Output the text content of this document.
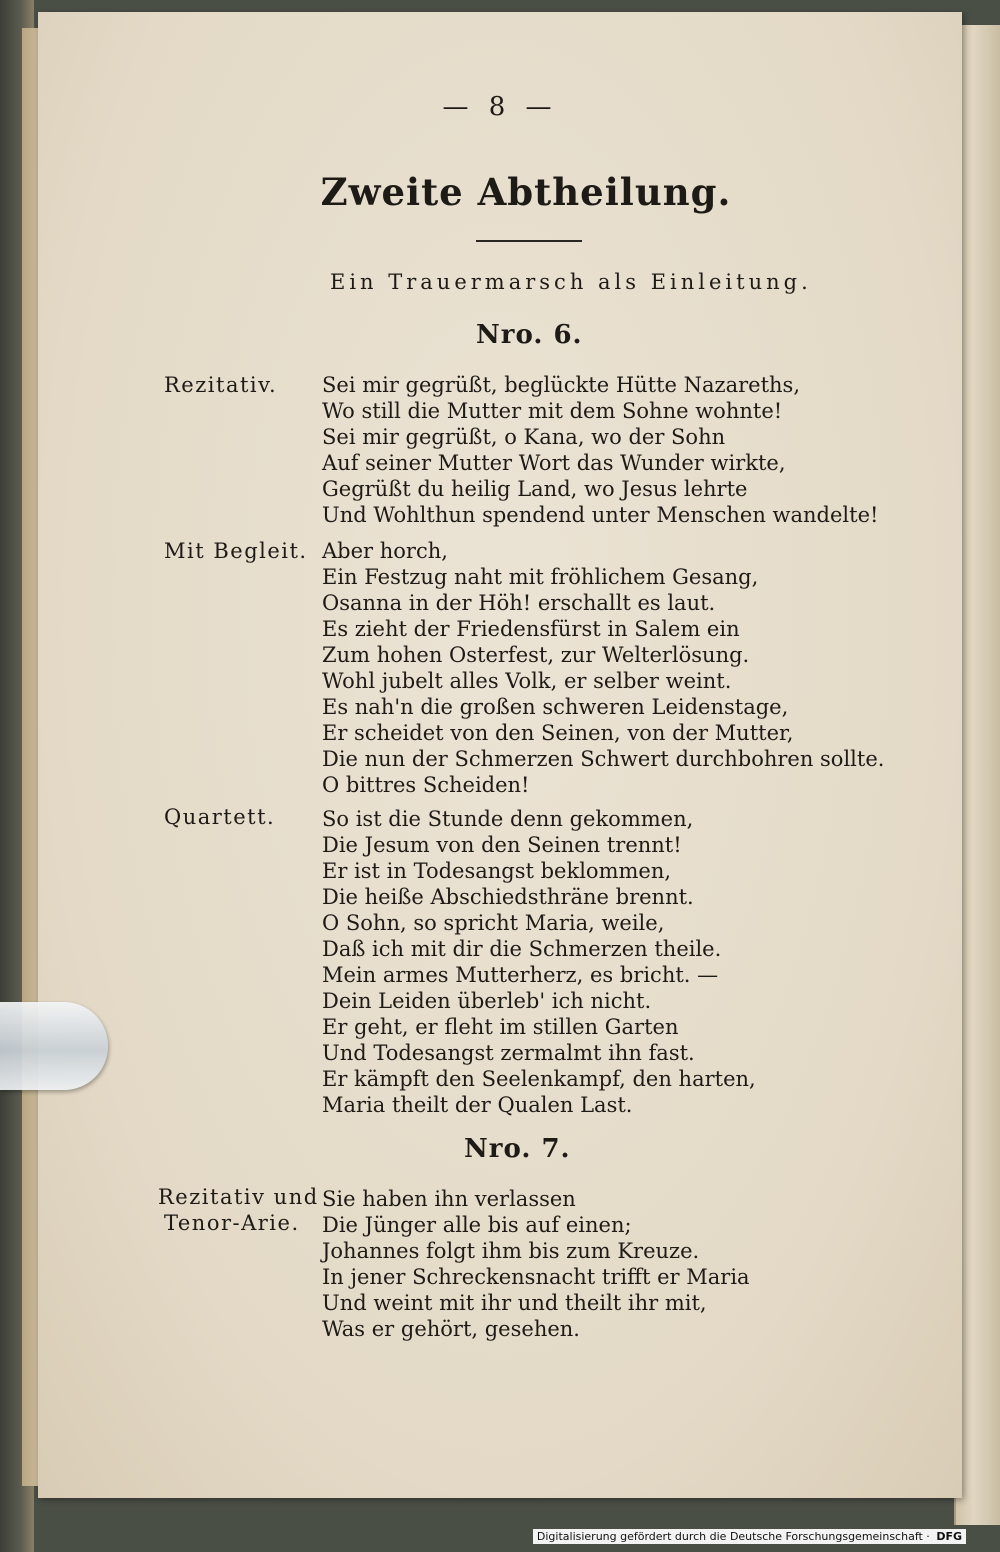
— 8 —
Zweite Abtheilung.
Ein Trauermarsch als Einleitung.
Nro. 6.
Rezitativ. Sei mir gegrüßt, beglückte Hütte Nazareths,
Wo still die Mutter mit dem Sohne wohnte!
Sei mir gegrüßt, o Kana, wo der Sohn
Auf seiner Mutter Wort das Wunder wirkte,
Gegrüßt du heilig Land, wo Jesus lehrte
Und Wohlthun spendend unter Menschen wandelte!
Mit Begleit. Aber horch,
Ein Festzug naht mit fröhlichem Gesang,
Osanna in der Höh! erschallt es laut.
Es zieht der Friedensfürst in Salem ein
Zum hohen Osterfest, zur Welterlösung.
Wohl jubelt alles Volk, er selber weint.
Es nah'n die großen schweren Leidenstage,
Er scheidet von den Seinen, von der Mutter,
Die nun der Schmerzen Schwert durchbohren sollte.
O bittres Scheiden!
Quartett. So ist die Stunde denn gekommen,
Die Jesum von den Seinen trennt!
Er ist in Todesangst beklommen,
Die heiße Abschiedsthräne brennt.
O Sohn, so spricht Maria, weile,
Daß ich mit dir die Schmerzen theile.
Mein armes Mutterherz, es bricht. —
Dein Leiden überleb' ich nicht.
Er geht, er fleht im stillen Garten
Und Todesangst zermalmt ihn fast.
Er kämpft den Seelenkampf, den harten,
Maria theilt der Qualen Last.
Nro. 7.
Rezitativ und
Tenor-Arie.
Sie haben ihn verlassen
Die Jünger alle bis auf einen;
Johannes folgt ihm bis zum Kreuze.
In jener Schreckensnacht trifft er Maria
Und weint mit ihr und theilt ihr mit,
Was er gehört, gesehen.
Digitalisierung gefördert durch die Deutsche Forschungsgemeinschaft · DFG
